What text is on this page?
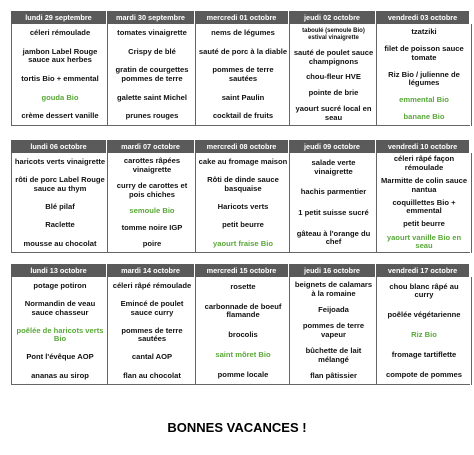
lundi 29 septembre
céleri rémoulade
jambon Label Rouge sauce aux herbes
tortis Bio + emmental
gouda Bio
crème dessert vanille
mardi 30 septembre
tomates vinaigrette
Crispy de blé
gratin de courgettes pommes de terre
galette saint Michel
prunes rouges
mercredi 01 octobre
nems de légumes
sauté de porc à la diable
pommes de terre sautées
saint Paulin
cocktail de fruits
jeudi 02 octobre
taboulé (semoule Bio) estival vinaigrette
sauté de poulet sauce champignons
chou-fleur HVE
pointe de brie
yaourt sucré local en seau
vendredi 03 octobre
tzatziki
filet de poisson sauce tomate
Riz Bio / julienne de légumes
emmental Bio
banane Bio
lundi 06 octobre
haricots verts vinaigrette
rôti de porc Label Rouge sauce au thym
Blé pilaf
Raclette
mousse au chocolat
mardi 07 octobre
carottes râpées vinaigrette
curry de carottes et pois chiches
semoule Bio
tomme noire IGP
poire
mercredi 08 octobre
cake au fromage maison
Rôti de dinde sauce basquaise
Haricots verts
petit beurre
yaourt fraise Bio
jeudi 09 octobre
salade verte vinaigrette
hachis parmentier
1 petit suisse sucré
gâteau à l'orange du chef
vendredi 10 octobre
céleri râpé façon rémoulade
Marmitte de colin sauce nantua
coquillettes Bio + emmental
petit beurre
yaourt vanille Bio en seau
lundi 13 octobre
potage potiron
Normandin de veau sauce chasseur
poêlée de haricots verts Bio
Pont l'évêque AOP
ananas au sirop
mardi 14 octobre
céleri râpé rémoulade
Emincé de poulet sauce curry
pommes de terre sautées
cantal AOP
flan au chocolat
mercredi 15 octobre
rosette
carbonnade de boeuf flamande
brocolis
saint môret Bio
pomme locale
jeudi 16 octobre
beignets de calamars à la romaine
Feijoada
pommes de terre vapeur
bûchette de lait mélangé
flan pâtissier
vendredi 17 octobre
chou blanc râpé au curry
poêlée végétarienne
Riz Bio
fromage tartiflette
compote de pommes
BONNES VACANCES !
